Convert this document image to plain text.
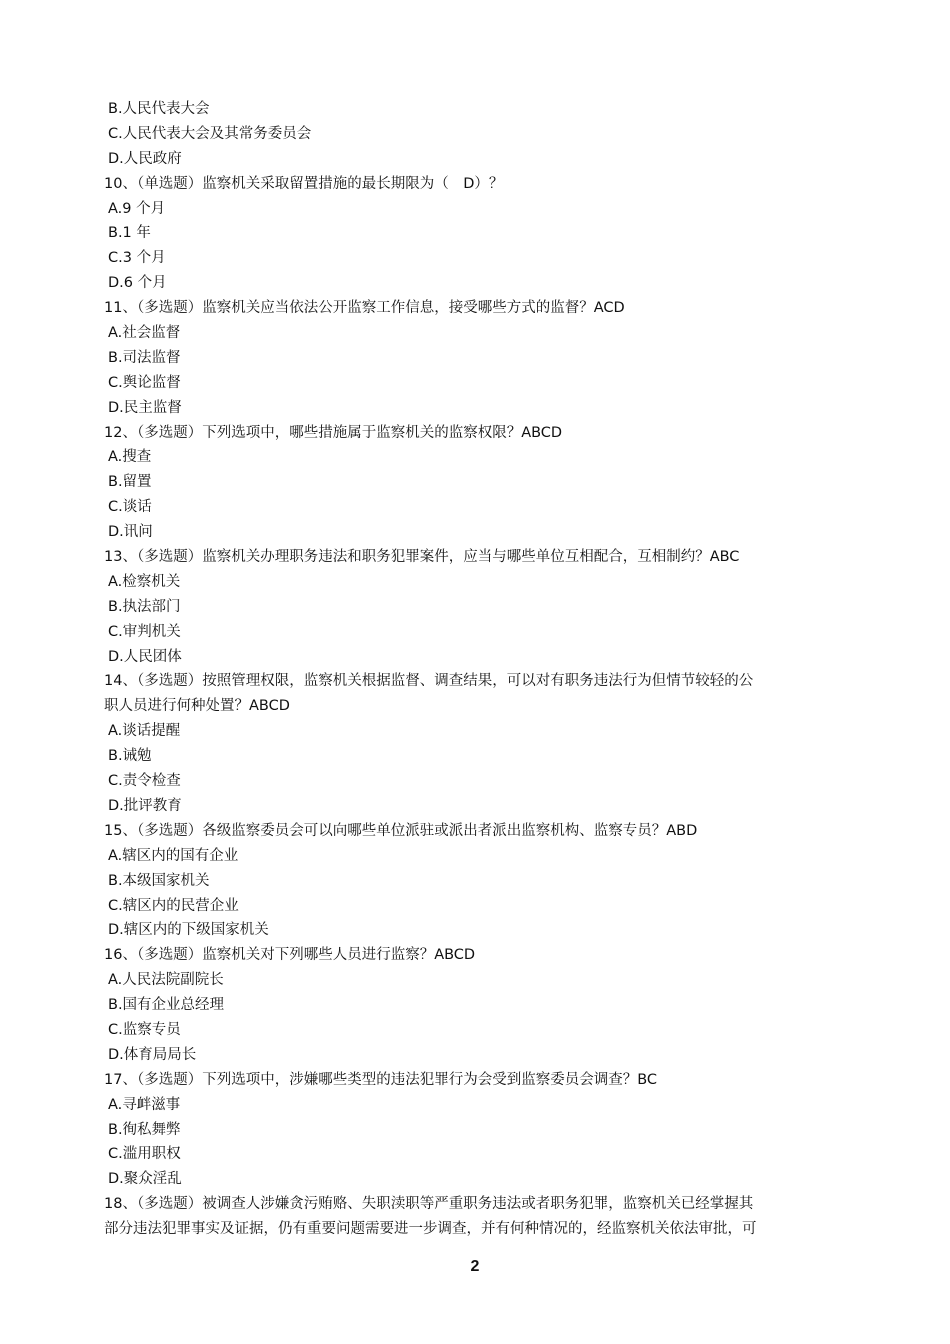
B.人民代表大会
C.人民代表大会及其常务委员会
D.人民政府
10、（单选题）监察机关采取留置措施的最长期限为（　D）？
A.9 个月
B.1 年
C.3 个月
D.6 个月
11、（多选题）监察机关应当依法公开监察工作信息，接受哪些方式的监督？ACD
A.社会监督
B.司法监督
C.舆论监督
D.民主监督
12、（多选题）下列选项中，哪些措施属于监察机关的监察权限？ABCD
A.搜查
B.留置
C.谈话
D.讯问
13、（多选题）监察机关办理职务违法和职务犯罪案件，应当与哪些单位互相配合，互相制约？ABC
A.检察机关
B.执法部门
C.审判机关
D.人民团体
14、（多选题）按照管理权限，监察机关根据监督、调查结果，可以对有职务违法行为但情节较轻的公
职人员进行何种处置？ABCD
A.谈话提醒
B.诫勉
C.责令检查
D.批评教育
15、（多选题）各级监察委员会可以向哪些单位派驻或派出者派出监察机构、监察专员？ABD
A.辖区内的国有企业
B.本级国家机关
C.辖区内的民营企业
D.辖区内的下级国家机关
16、（多选题）监察机关对下列哪些人员进行监察？ABCD
A.人民法院副院长
B.国有企业总经理
C.监察专员
D.体育局局长
17、（多选题）下列选项中，涉嫌哪些类型的违法犯罪行为会受到监察委员会调查？BC
A.寻衅滋事
B.徇私舞弊
C.滥用职权
D.聚众淫乱
18、（多选题）被调查人涉嫌贪污贿赂、失职渎职等严重职务违法或者职务犯罪，监察机关已经掌握其
部分违法犯罪事实及证据，仍有重要问题需要进一步调查，并有何种情况的，经监察机关依法审批，可
2
